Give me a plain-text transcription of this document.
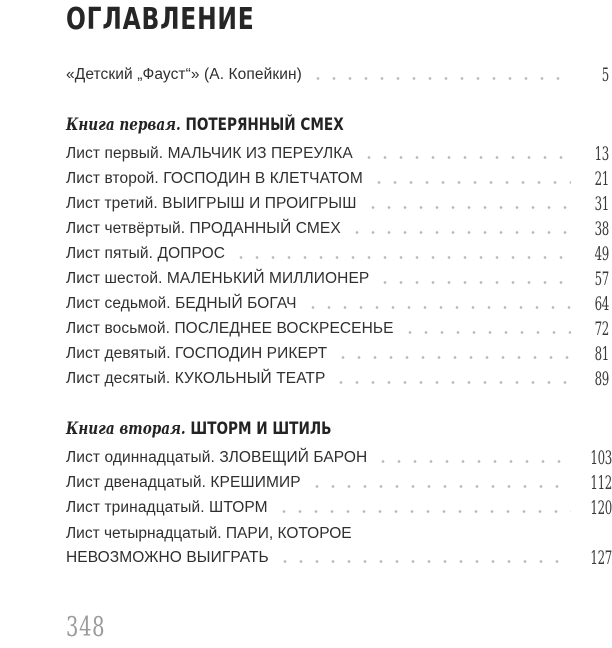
ОГЛАВЛЕНИЕ
«Детский „Фауст“» (А. Копейкин)	5
Книга первая. ПОТЕРЯННЫЙ СМЕХ
Лист первый. МАЛЬЧИК ИЗ ПЕРЕУЛКА	13
Лист второй. ГОСПОДИН В КЛЕТЧАТОМ	21
Лист третий. ВЫИГРЫШ И ПРОИГРЫШ	31
Лист четвёртый. ПРОДАННЫЙ СМЕХ	38
Лист пятый. ДОПРОС	49
Лист шестой. МАЛЕНЬКИЙ МИЛЛИОНЕР	57
Лист седьмой. БЕДНЫЙ БОГАЧ	64
Лист восьмой. ПОСЛЕДНЕЕ ВОСКРЕСЕНЬЕ	72
Лист девятый. ГОСПОДИН РИКЕРТ	81
Лист десятый. КУКОЛЬНЫЙ ТЕАТР	89
Книга вторая. ШТОРМ И ШТИЛЬ
Лист одиннадцатый. ЗЛОВЕЩИЙ БАРОН	103
Лист двенадцатый. КРЕШИМИР	112
Лист тринадцатый. ШТОРМ	120
Лист четырнадцатый. ПАРИ, КОТОРОЕ
НЕВОЗМОЖНО ВЫИГРАТЬ	127
348
